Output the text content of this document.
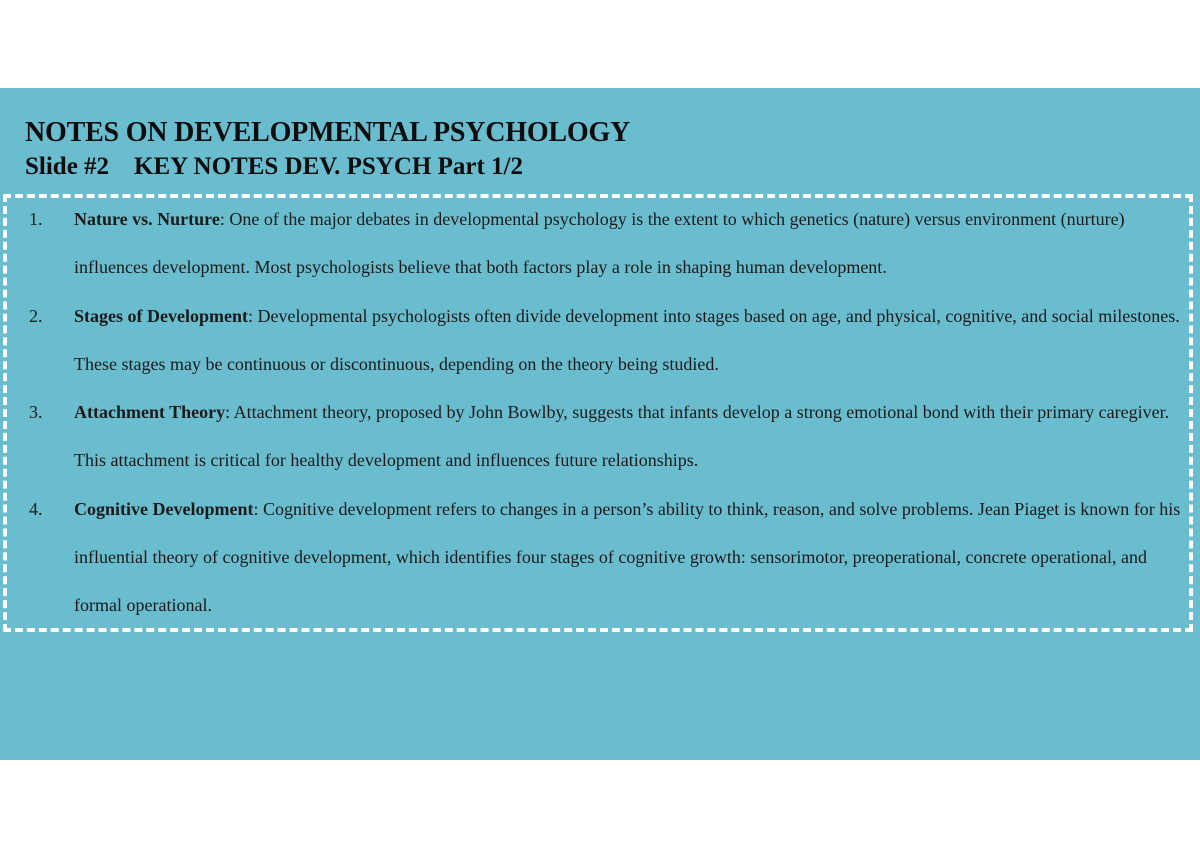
NOTES ON DEVELOPMENTAL PSYCHOLOGY
Slide #2    KEY NOTES DEV. PSYCH Part 1/2
1. Nature vs. Nurture: One of the major debates in developmental psychology is the extent to which genetics (nature) versus environment (nurture) influences development. Most psychologists believe that both factors play a role in shaping human development.
2. Stages of Development: Developmental psychologists often divide development into stages based on age, and physical, cognitive, and social milestones. These stages may be continuous or discontinuous, depending on the theory being studied.
3. Attachment Theory: Attachment theory, proposed by John Bowlby, suggests that infants develop a strong emotional bond with their primary caregiver. This attachment is critical for healthy development and influences future relationships.
4. Cognitive Development: Cognitive development refers to changes in a person’s ability to think, reason, and solve problems. Jean Piaget is known for his influential theory of cognitive development, which identifies four stages of cognitive growth: sensorimotor, preoperational, concrete operational, and formal operational.
